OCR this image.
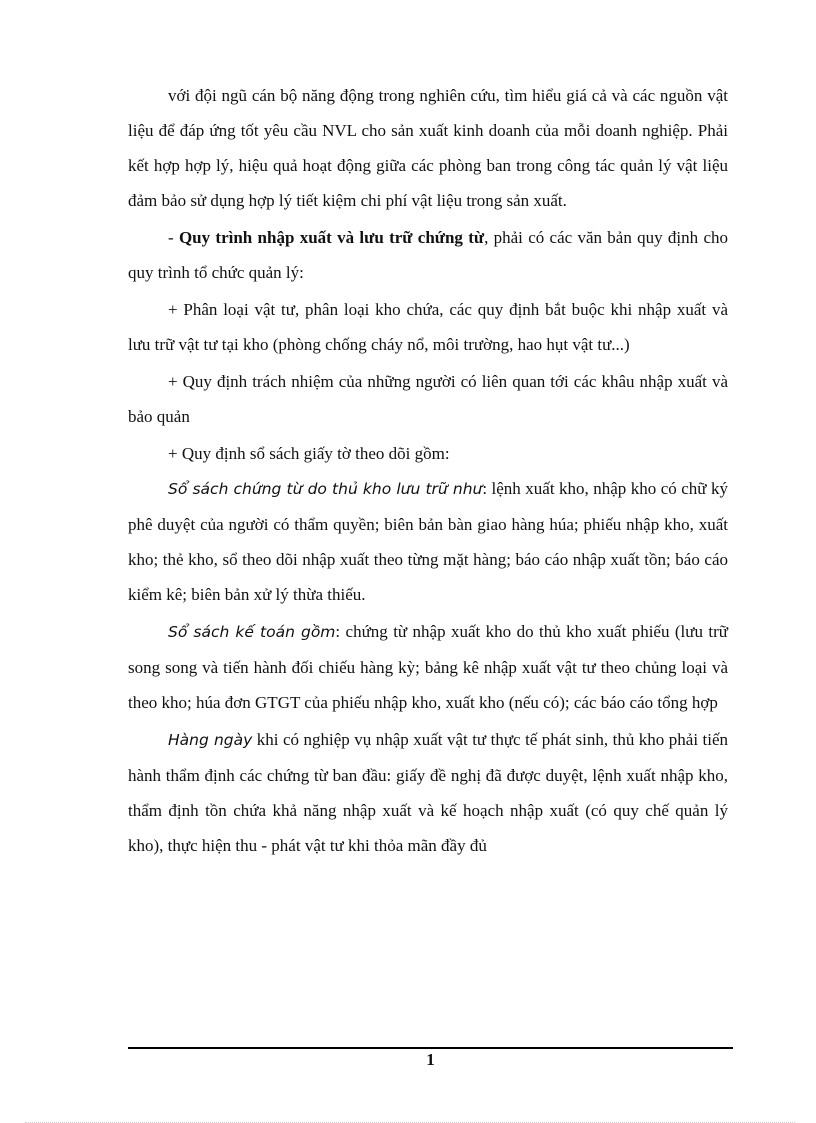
với đội ngũ cán bộ năng động trong nghiên cứu, tìm hiểu giá cả và các nguồn vật liệu để đáp ứng tốt yêu cầu NVL cho sản xuất kinh doanh của mỗi doanh nghiệp. Phải kết hợp hợp lý, hiệu quả hoạt động giữa các phòng ban trong công tác quản lý vật liệu đảm bảo sử dụng hợp lý tiết kiệm chi phí vật liệu trong sản xuất.

- Quy trình nhập xuất và lưu trữ chứng từ, phải có các văn bản quy định cho quy trình tổ chức quản lý:

+ Phân loại vật tư, phân loại kho chứa, các quy định bắt buộc khi nhập xuất và lưu trữ vật tư tại kho (phòng chống cháy nổ, môi trường, hao hụt vật tư...)

+ Quy định trách nhiệm của những người có liên quan tới các khâu nhập xuất và bảo quản

+ Quy định sổ sách giấy tờ theo dõi gồm:

Sổ sách chứng từ do thủ kho lưu trữ như: lệnh xuất kho, nhập kho có chữ ký phê duyệt của người có thẩm quyền; biên bản bàn giao hàng húa; phiếu nhập kho, xuất kho; thẻ kho, sổ theo dõi nhập xuất theo từng mặt hàng; báo cáo nhập xuất tồn; báo cáo kiểm kê; biên bản xử lý thừa thiếu.

Sổ sách kế toán gồm: chứng từ nhập xuất kho do thủ kho xuất phiếu (lưu trữ song song và tiến hành đối chiếu hàng kỳ; bảng kê nhập xuất vật tư theo chủng loại và theo kho; húa đơn GTGT của phiếu nhập kho, xuất kho (nếu có); các báo cáo tổng hợp

Hàng ngày khi có nghiệp vụ nhập xuất vật tư thực tế phát sinh, thủ kho phải tiến hành thẩm định các chứng từ ban đầu: giấy đề nghị đã được duyệt, lệnh xuất nhập kho, thẩm định tồn chứa khả năng nhập xuất và kế hoạch nhập xuất (có quy chế quản lý kho), thực hiện thu - phát vật tư khi thỏa mãn đầy đủ

1
